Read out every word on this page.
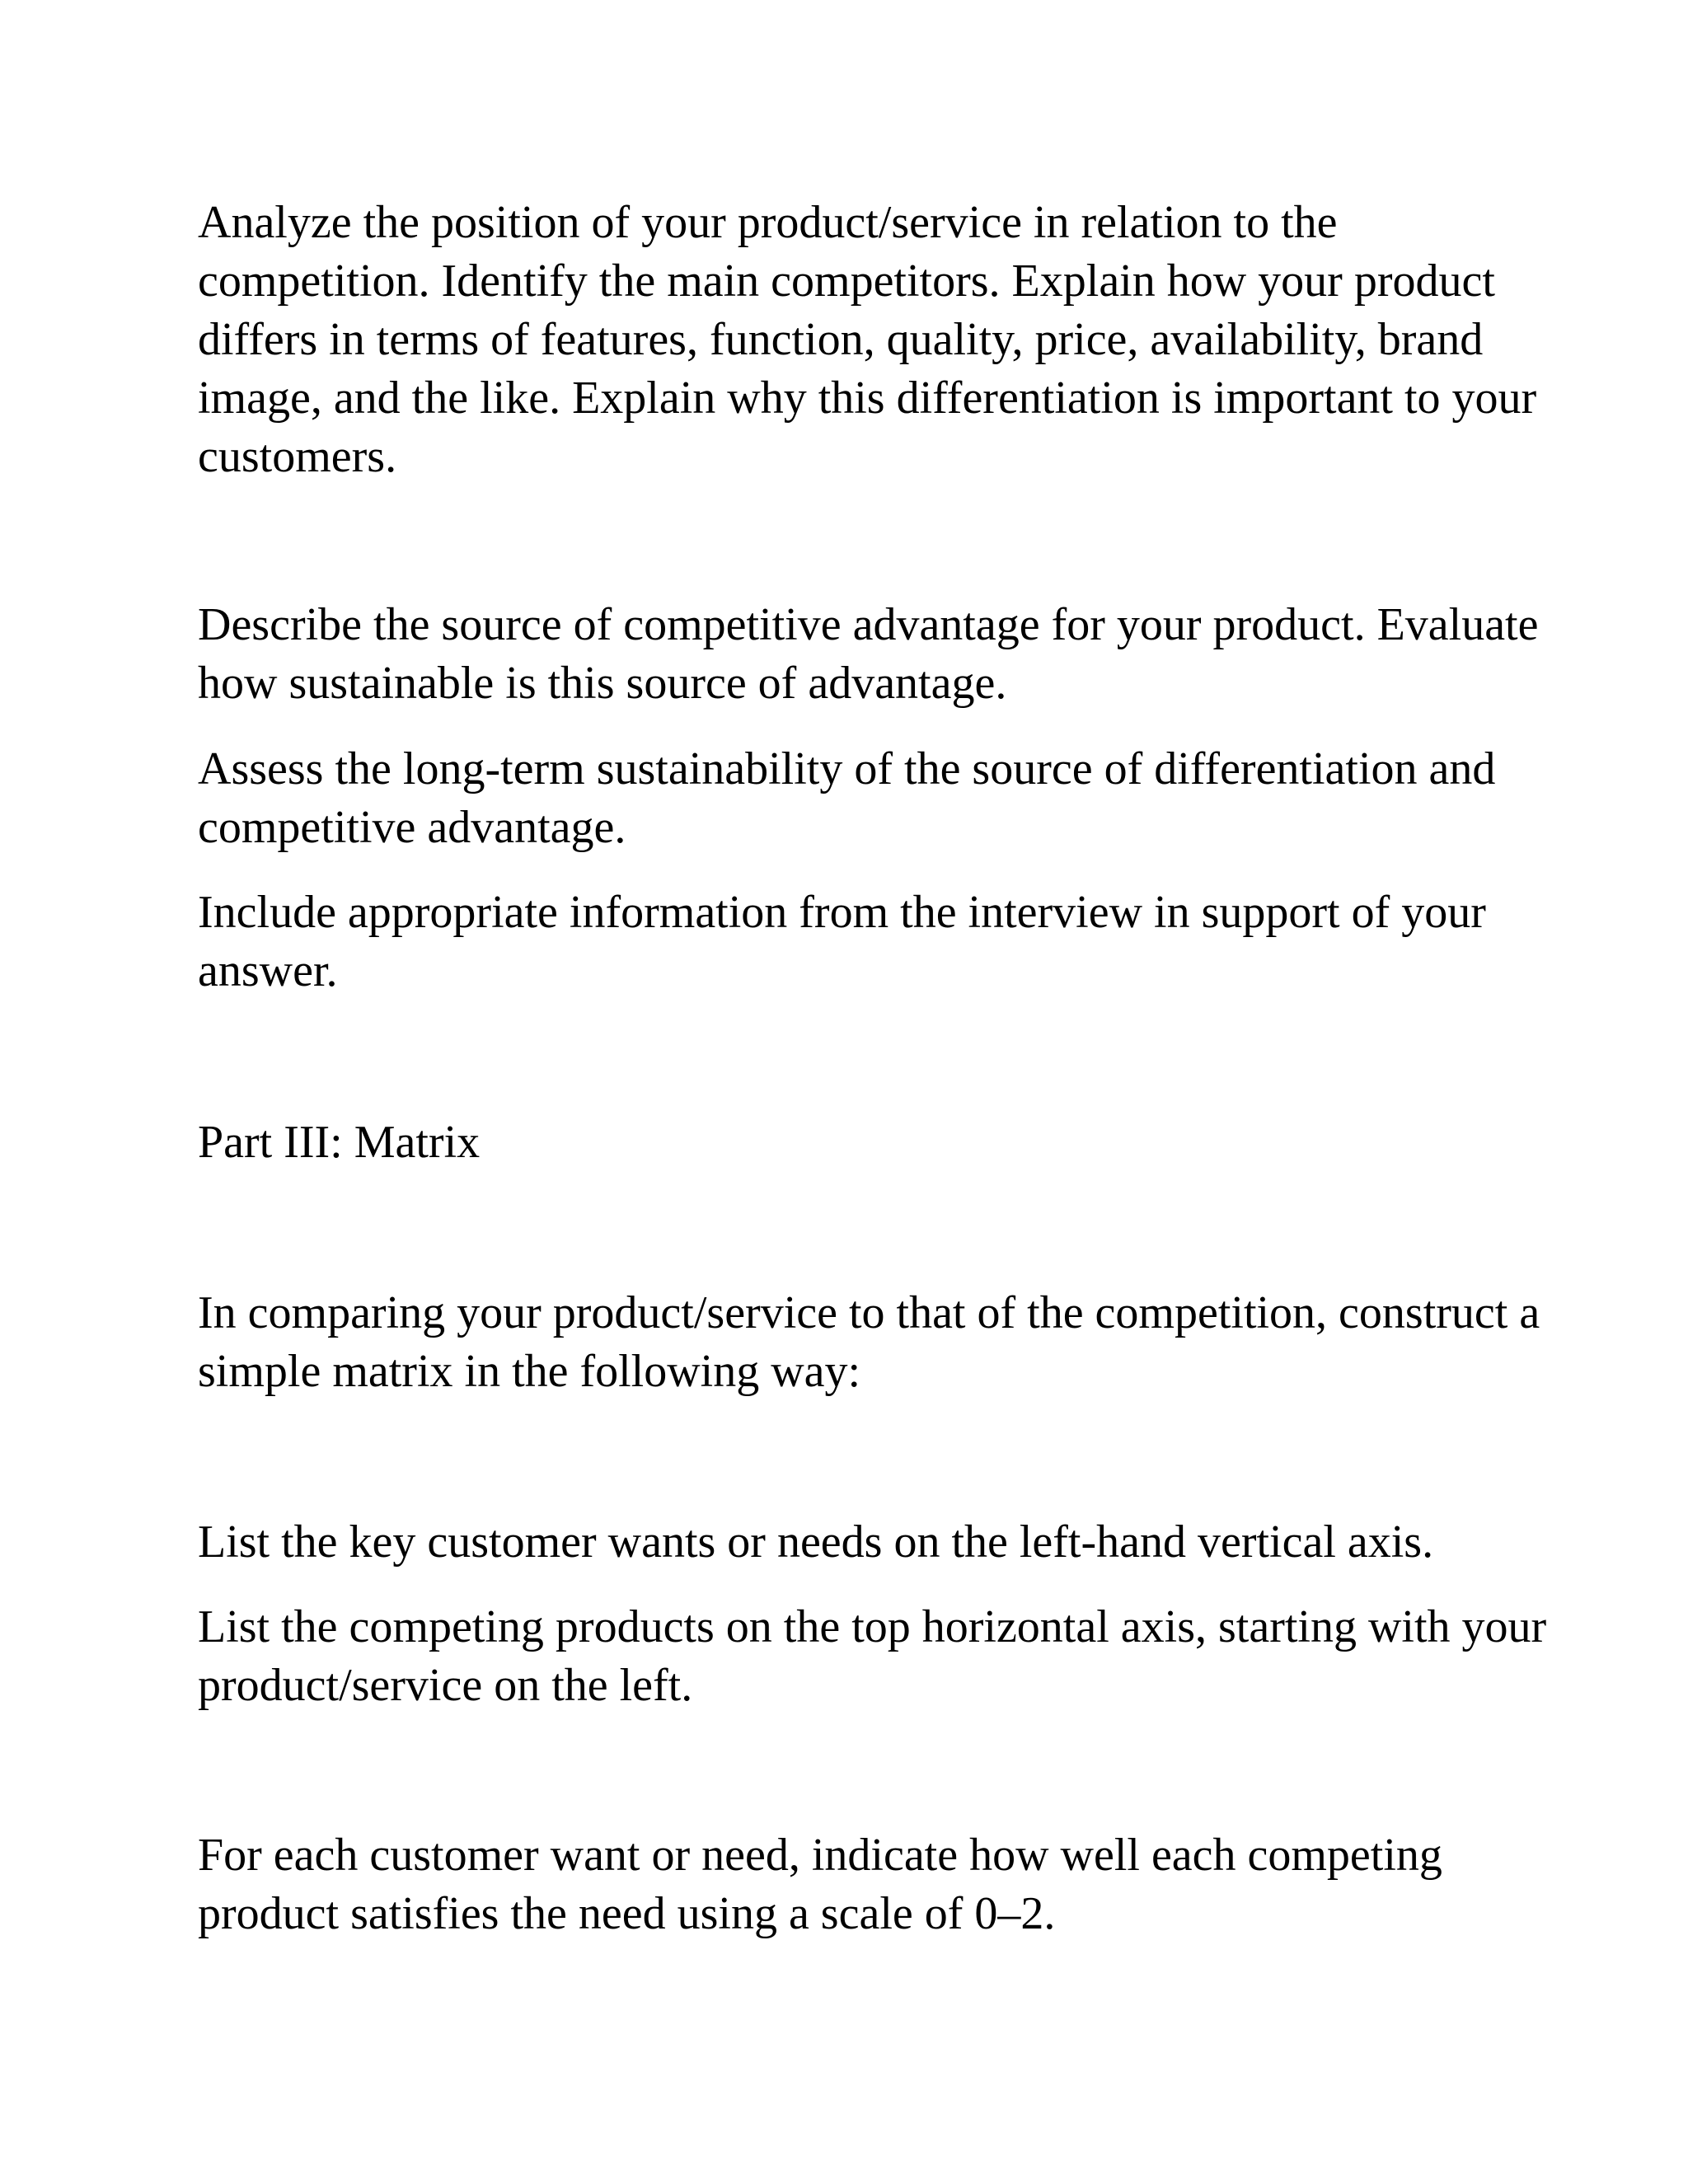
Analyze the position of your product/service in relation to the
competition. Identify the main competitors. Explain how your product
differs in terms of features, function, quality, price, availability, brand
image, and the like. Explain why this differentiation is important to your
customers.

Describe the source of competitive advantage for your product. Evaluate
how sustainable is this source of advantage.

Assess the long-term sustainability of the source of differentiation and
competitive advantage.

Include appropriate information from the interview in support of your
answer.

Part III: Matrix

In comparing your product/service to that of the competition, construct a
simple matrix in the following way:

List the key customer wants or needs on the left-hand vertical axis.

List the competing products on the top horizontal axis, starting with your
product/service on the left.

For each customer want or need, indicate how well each competing
product satisfies the need using a scale of 0–2.
